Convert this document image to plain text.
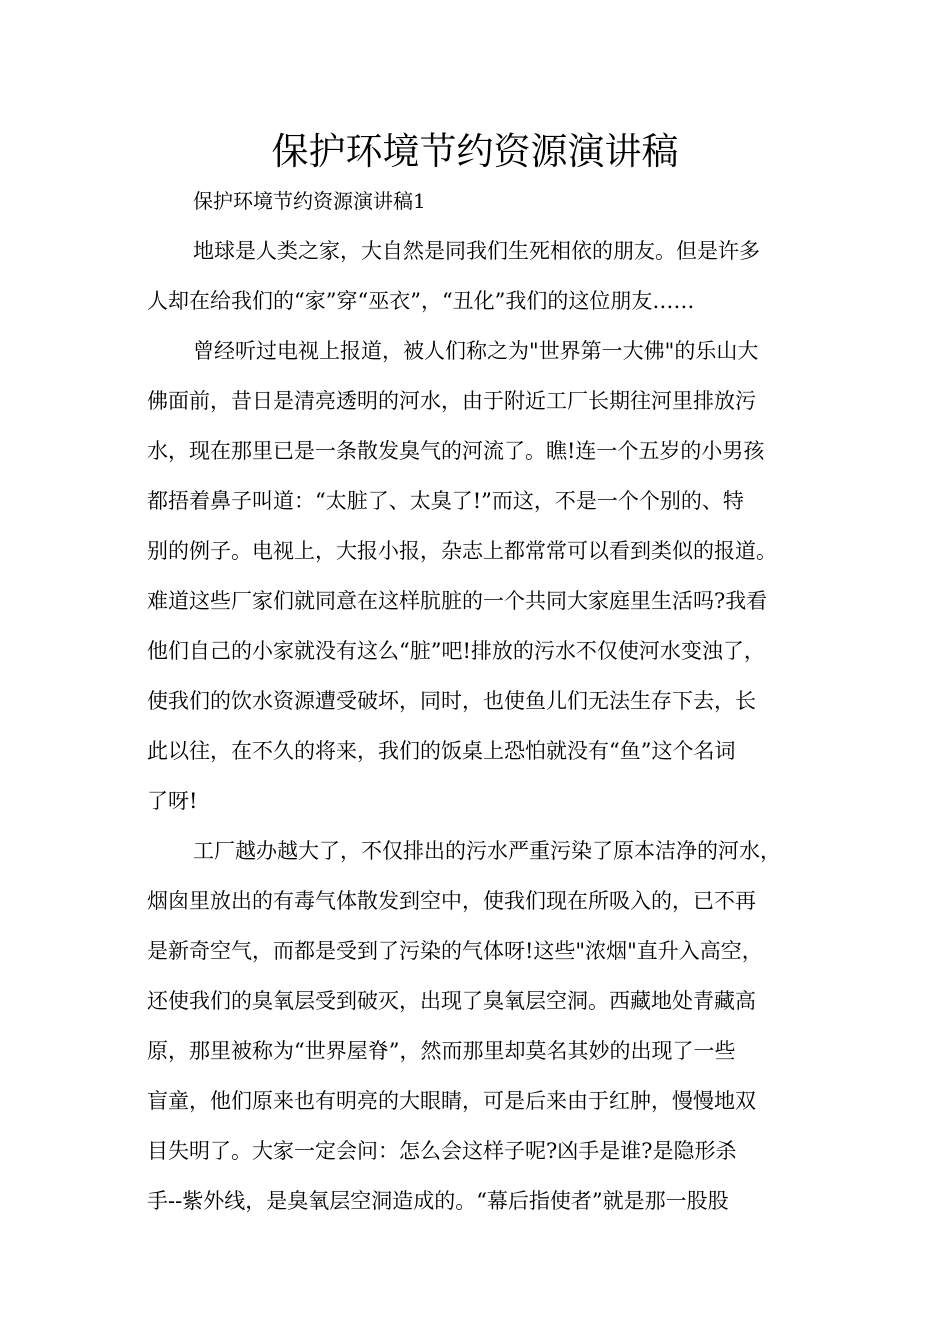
保护环境节约资源演讲稿
保护环境节约资源演讲稿1
地球是人类之家，大自然是同我们生死相依的朋友。但是许多
人却在给我们的“家”穿“巫衣”，“丑化”我们的这位朋友……
曾经听过电视上报道，被人们称之为"世界第一大佛"的乐山大
佛面前，昔日是清亮透明的河水，由于附近工厂长期往河里排放污
水，现在那里已是一条散发臭气的河流了。瞧!连一个五岁的小男孩
都捂着鼻子叫道：“太脏了、太臭了!”而这，不是一个个别的、特
别的例子。电视上，大报小报，杂志上都常常可以看到类似的报道。
难道这些厂家们就同意在这样肮脏的一个共同大家庭里生活吗?我看
他们自己的小家就没有这么“脏”吧!排放的污水不仅使河水变浊了，
使我们的饮水资源遭受破坏，同时，也使鱼儿们无法生存下去，长
此以往，在不久的将来，我们的饭桌上恐怕就没有“鱼”这个名词
了呀!
工厂越办越大了，不仅排出的污水严重污染了原本洁净的河水，
烟囱里放出的有毒气体散发到空中，使我们现在所吸入的，已不再
是新奇空气，而都是受到了污染的气体呀!这些"浓烟"直升入高空，
还使我们的臭氧层受到破灭，出现了臭氧层空洞。西藏地处青藏高
原，那里被称为“世界屋脊”，然而那里却莫名其妙的出现了一些
盲童，他们原来也有明亮的大眼睛，可是后来由于红肿，慢慢地双
目失明了。大家一定会问：怎么会这样子呢?凶手是谁?是隐形杀
手--紫外线，是臭氧层空洞造成的。“幕后指使者”就是那一股股
